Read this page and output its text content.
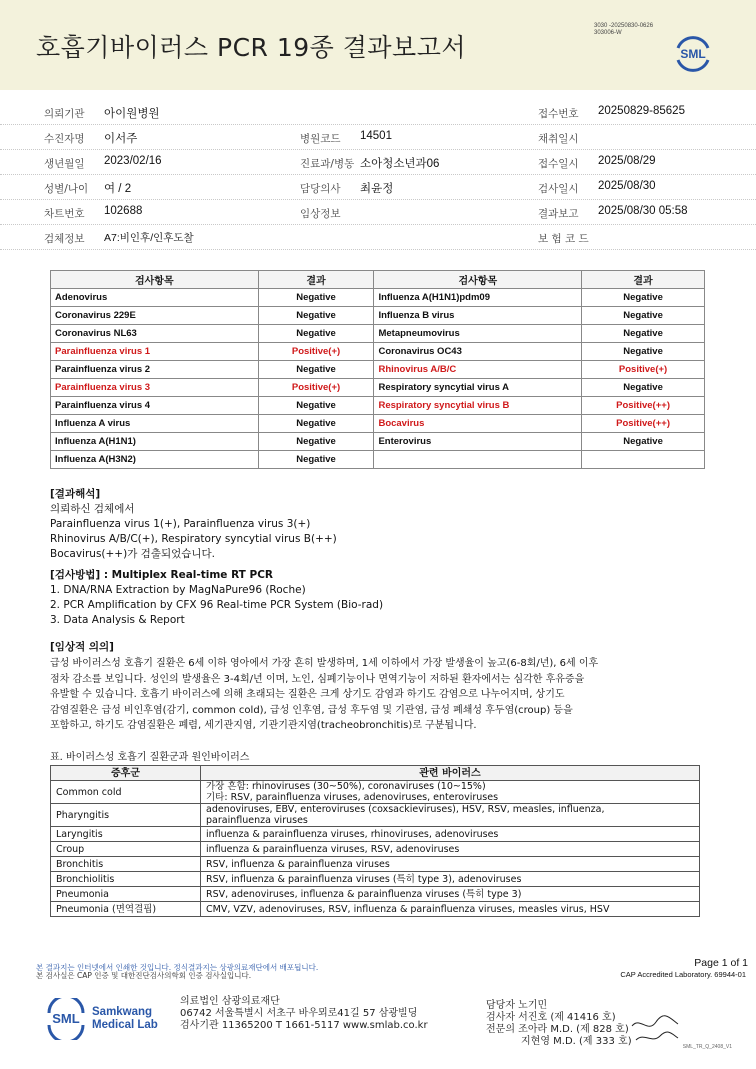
호흡기바이러스 PCR 19종 결과보고서
3030 -20250830-0626
303006-W
SML
의뢰기관 아이원병원	접수번호 20250829-85625
수진자명 이서주	병원코드 14501	채취일시
생년월일 2023/02/16	진료과/병동 소아청소년과06	접수일시 2025/08/29
성별/나이 여 / 2	담당의사 최윤정	검사일시 2025/08/30
차트번호 102688	임상정보	결과보고 2025/08/30 05:58
검체정보 A7:비인후/인후도찰	보 험 코 드
검사항목	결과	검사항목	결과
Adenovirus	Negative	Influenza A(H1N1)pdm09	Negative
Coronavirus 229E	Negative	Influenza B virus	Negative
Coronavirus NL63	Negative	Metapneumovirus	Negative
Parainfluenza virus 1	Positive(+)	Coronavirus OC43	Negative
Parainfluenza virus 2	Negative	Rhinovirus A/B/C	Positive(+)
Parainfluenza virus 3	Positive(+)	Respiratory syncytial virus A	Negative
Parainfluenza virus 4	Negative	Respiratory syncytial virus B	Positive(++)
Influenza A virus	Negative	Bocavirus	Positive(++)
Influenza A(H1N1)	Negative	Enterovirus	Negative
Influenza A(H3N2)	Negative		
[결과해석]
의뢰하신 검체에서
Parainfluenza virus 1(+), Parainfluenza virus 3(+)
Rhinovirus A/B/C(+), Respiratory syncytial virus B(++)
Bocavirus(++)가 검출되었습니다.
[검사방법] : Multiplex Real-time RT PCR
1. DNA/RNA Extraction by MagNaPure96 (Roche)
2. PCR Amplification by CFX 96 Real-time PCR System (Bio-rad)
3. Data Analysis & Report
[임상적 의의]
급성 바이러스성 호흡기 질환은 6세 이하 영아에서 가장 흔히 발생하며, 1세 이하에서 가장 발생율이 높고(6-8회/년), 6세 이후
점차 감소를 보입니다. 성인의 발생율은 3-4회/년 이며, 노인, 심폐기능이나 면역기능이 저하된 환자에서는 심각한 후유증을
유발할 수 있습니다. 호흡기 바이러스에 의해 초래되는 질환은 크게 상기도 감염과 하기도 감염으로 나누어지며, 상기도
감염질환은 급성 비인후염(감기, common cold), 급성 인후염, 급성 후두염 및 기관염, 급성 폐쇄성 후두염(croup) 등을
포함하고, 하기도 감염질환은 폐렴, 세기관지염, 기관기관지염(tracheobronchitis)로 구분됩니다.
표. 바이러스성 호흡기 질환군과 원인바이러스
증후군	관련 바이러스
Common cold	가장 흔함: rhinoviruses (30~50%), coronaviruses (10~15%)
기타: RSV, parainfluenza viruses, adenoviruses, enteroviruses

Pharyngitis	adenoviruses, EBV, enteroviruses (coxsackieviruses), HSV, RSV, measles, influenza,
parainfluenza viruses

Laryngitis	influenza & parainfluenza viruses, rhinoviruses, adenoviruses

Croup	influenza & parainfluenza viruses, RSV, adenoviruses

Bronchitis	RSV, influenza & parainfluenza viruses

Bronchiolitis	RSV, influenza & parainfluenza viruses (특히 type 3), adenoviruses

Pneumonia	RSV, adenoviruses, influenza & parainfluenza viruses (특히 type 3)

Pneumonia (면역결핍)	CMV, VZV, adenoviruses, RSV, influenza & parainfluenza viruses, measles virus, HSV
본 결과지는 인터넷에서 인쇄한 것입니다. 정식결과지는 상광의료재단에서 배포됩니다.
본 검사실은 CAP 인증 및 대한진단검사의학회 인증 검사실입니다.
Page 1 of 1
CAP Accredited Laboratory. 69944-01
SML Samkwang
Medical Lab
의료법인 삼광의료재단
06742 서울특별시 서초구 바우뫼로41길 57 삼광빌딩
검사기관 11365200 T 1661-5117 www.smlab.co.kr
담당자 노기민
검사자 서진호 (제 41416 호)
전문의 조아라 M.D. (제 828 호)
지현영 M.D. (제 333 호)	SML_TR_Q_2408_V1
